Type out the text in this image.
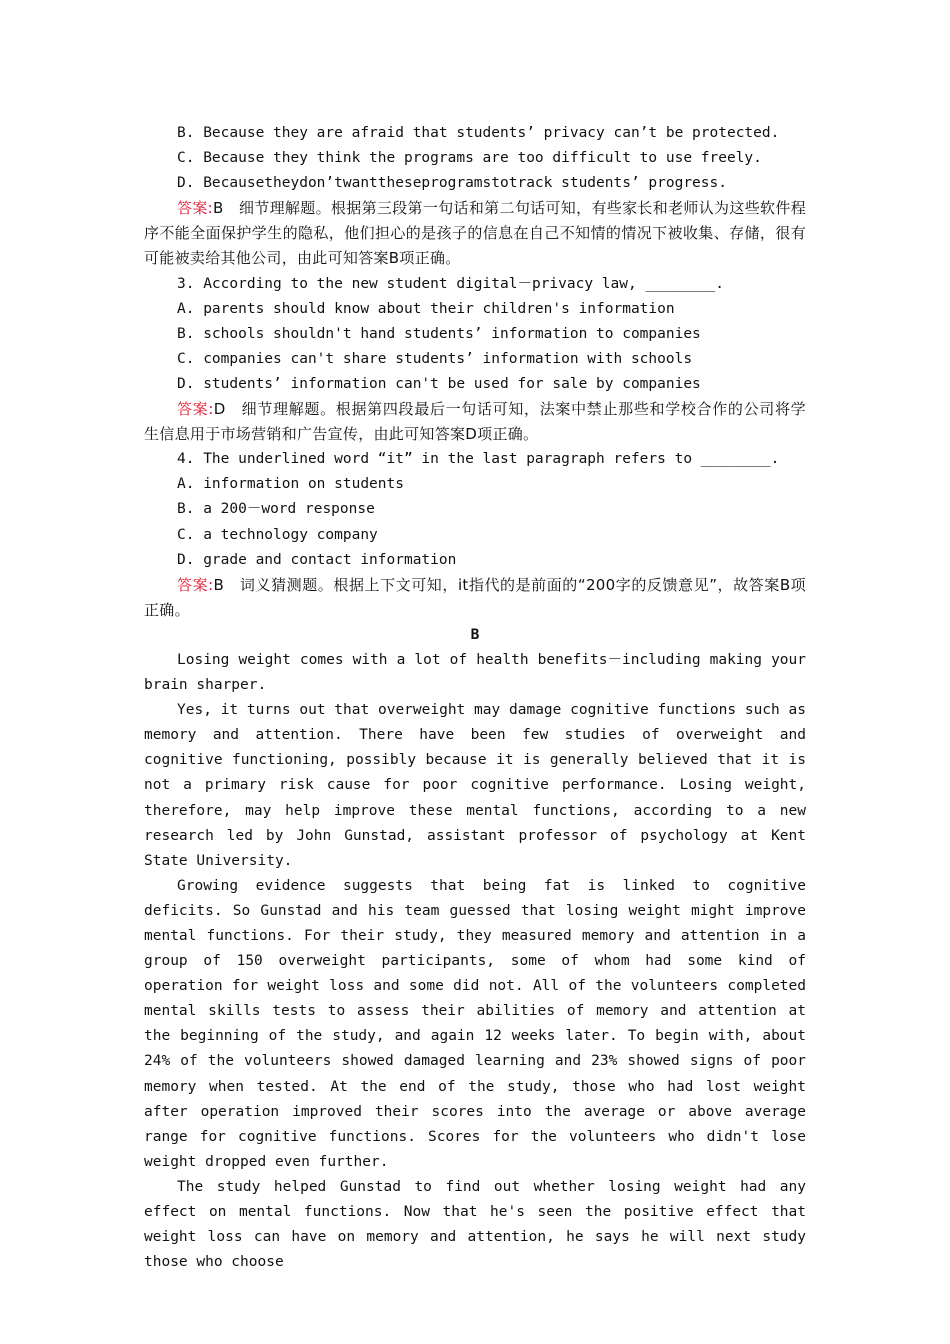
B. Because they are afraid that students’ privacy can’t be protected.
C. Because they think the programs are too difficult to use freely.
D. Becausetheydon’twanttheseprogramstotrack students’ progress.
答案:B　细节理解题。根据第三段第一句话和第二句话可知，有些家长和老师认为这些软件程序不能全面保护学生的隐私，他们担心的是孩子的信息在自己不知情的情况下被收集、存储，很有可能被卖给其他公司，由此可知答案B项正确。
3. According to the new student digital－privacy law, ________.
A. parents should know about their children's information
B. schools shouldn't hand students’ information to companies
C. companies can't share students’ information with schools
D. students’ information can't be used for sale by companies
答案:D　细节理解题。根据第四段最后一句话可知，法案中禁止那些和学校合作的公司将学生信息用于市场营销和广告宣传，由此可知答案D项正确。
4. The underlined word “it” in the last paragraph refers to ________.
A. information on students
B. a 200－word response
C. a technology company
D. grade and contact information
答案:B　词义猜测题。根据上下文可知，it指代的是前面的“200字的反馈意见”，故答案B项正确。
B
Losing weight comes with a lot of health benefits－including making your brain sharper.
Yes, it turns out that overweight may damage cognitive functions such as memory and attention. There have been few studies of overweight and cognitive functioning, possibly because it is generally believed that it is not a primary risk cause for poor cognitive performance. Losing weight, therefore, may help improve these mental functions, according to a new research led by John Gunstad, assistant professor of psychology at Kent State University.
Growing evidence suggests that being fat is linked to cognitive deficits. So Gunstad and his team guessed that losing weight might improve mental functions. For their study, they measured memory and attention in a group of 150 overweight participants, some of whom had some kind of operation for weight loss and some did not. All of the volunteers completed mental skills tests to assess their abilities of memory and attention at the beginning of the study, and again 12 weeks later. To begin with, about 24% of the volunteers showed damaged learning and 23% showed signs of poor memory when tested. At the end of the study, those who had lost weight after operation improved their scores into the average or above average range for cognitive functions. Scores for the volunteers who didn't lose weight dropped even further.
The study helped Gunstad to find out whether losing weight had any effect on mental functions. Now that he's seen the positive effect that weight loss can have on memory and attention, he says he will next study those who choose
